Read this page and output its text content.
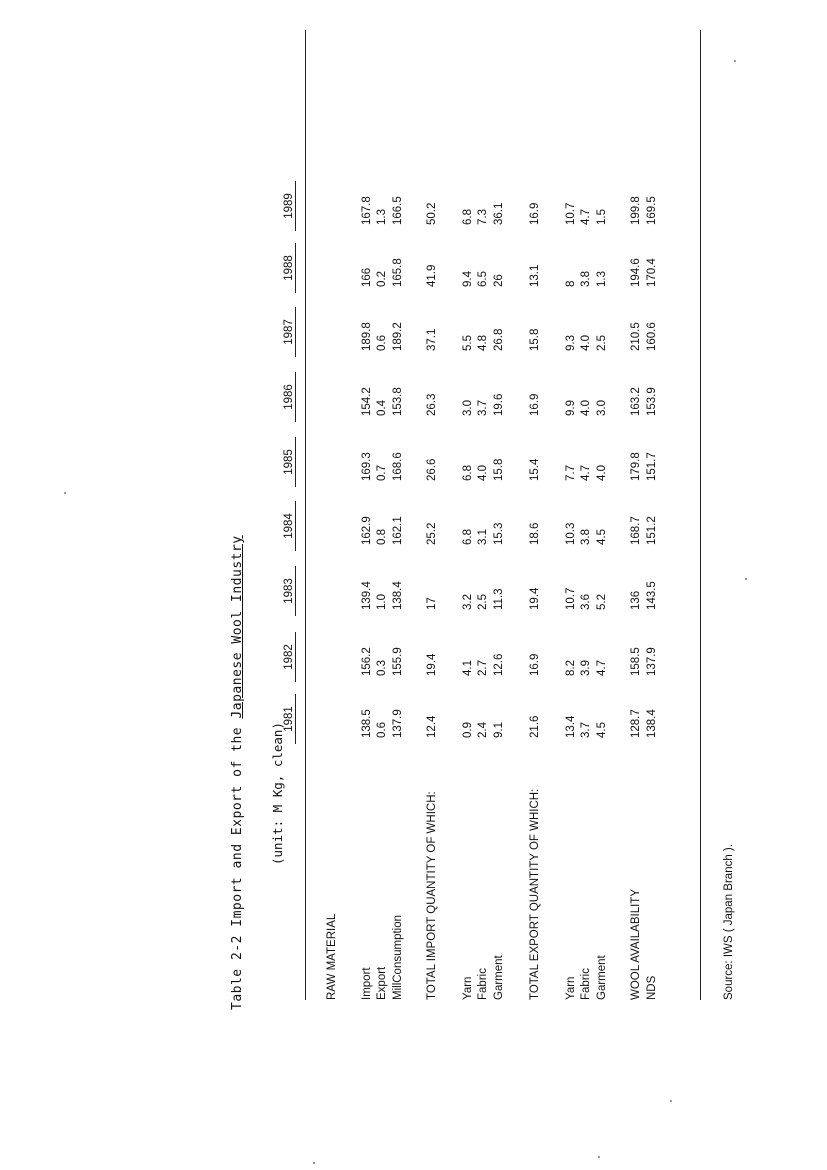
Table 2-2 Import and Export of the Japanese Wool Industry
(unit: M Kg, clean)
1981
1982
1983
1984
1985
1986
1987
1988
1989
RAW MATERIAL Import
138.5
156.2
139.4
162.9
169.3
154.2
189.8
166
167.8
Export
0.6
0.3
1.0
0.8
0.7
0.4
0.6
0.2
1.3
MillConsumption
137.9
155.9
138.4
162.1
168.6
153.8
189.2
165.8
166.5
TOTAL IMPORT QUANTITY OF WHICH:
12.4
19.4
17
25.2
26.6
26.3
37.1
41.9
50.2
Yarn
0.9
4.1
3.2
6.8
6.8
3.0
5.5
9.4
6.8
Fabric
2.4
2.7
2.5
3.1
4.0
3.7
4.8
6.5
7.3
Garment
9.1
12.6
11.3
15.3
15.8
19.6
26.8
26
36.1
TOTAL EXPORT QUANTITY OF WHICH:
21.6
16.9
19.4
18.6
15.4
16.9
15.8
13.1
16.9
Yarn
13.4
8.2
10.7
10.3
7.7
9.9
9.3
8
10.7
Fabric
3.7
3.9
3.6
3.8
4.7
4.0
4.0
3.8
4.7
Garment
4.5
4.7
5.2
4.5
4.0
3.0
2.5
1.3
1.5
WOOL AVAILABILITY
128.7
158.5
136
168.7
179.8
163.2
210.5
194.6
199.8
NDS
138.4
137.9
143.5
151.2
151.7
153.9
160.6
170.4
169.5
Source: IWS ( Japan Branch ).
